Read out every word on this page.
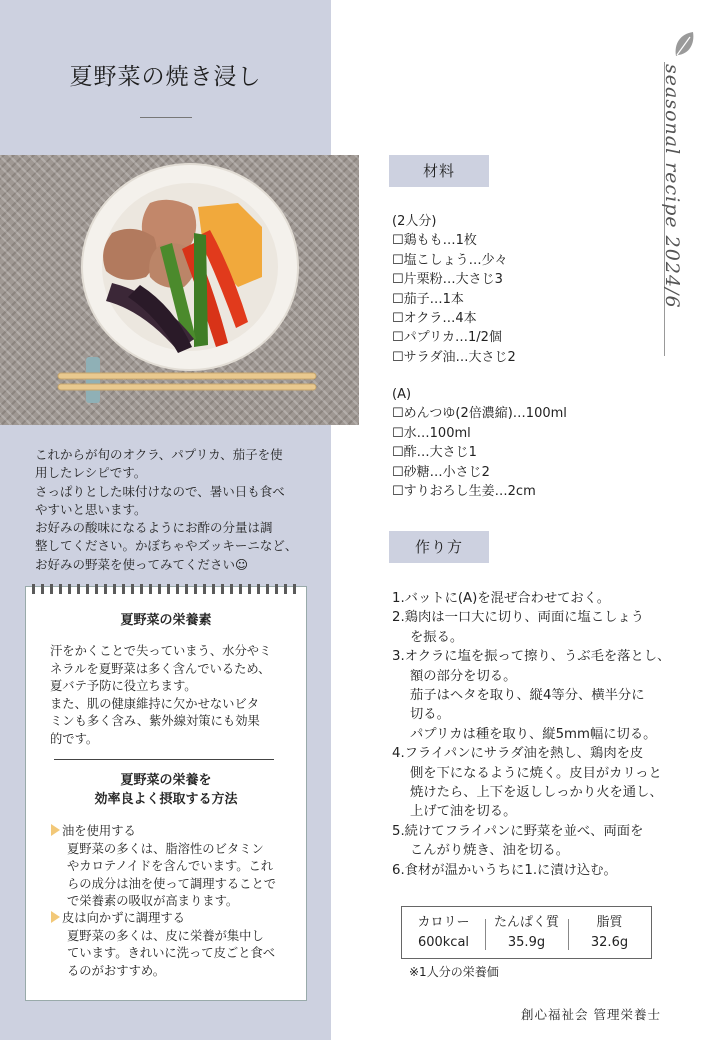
夏野菜の焼き浸し
これからが旬のオクラ、パプリカ、茄子を使
用したレシピです。
さっぱりとした味付けなので、暑い日も食べ
やすいと思います。
お好みの酸味になるようにお酢の分量は調
整してください。かぼちゃやズッキーニなど、
お好みの野菜を使ってみてください☺
夏野菜の栄養素
汗をかくことで失っていまう、水分やミ
ネラルを夏野菜は多く含んでいるため、
夏バテ予防に役立ちます。
また、肌の健康維持に欠かせないビタ
ミンも多く含み、紫外線対策にも効果
的です。
夏野菜の栄養を
効率良よく摂取する方法
油を使用する
夏野菜の多くは、脂溶性のビタミン
やカロテノイドを含んでいます。これ
らの成分は油を使って調理することで
で栄養素の吸収が高まります。
皮は向かずに調理する
夏野菜の多くは、皮に栄養が集中し
ています。きれいに洗って皮ごと食べ
るのがおすすめ。
材料
(2人分)
☐鶏もも…1枚
☐塩こしょう…少々
☐片栗粉…大さじ3
☐茄子…1本
☐オクラ…4本
☐パプリカ…1/2個
☐サラダ油…大さじ2
(A)
☐めんつゆ(2倍濃縮)…100ml
☐水…100ml
☐酢…大さじ1
☐砂糖…小さじ2
☐すりおろし生姜…2cm
作り方
1.バットに(A)を混ぜ合わせておく。
2.鶏肉は一口大に切り、両面に塩こしょう
を振る。
3.オクラに塩を振って擦り、うぶ毛を落とし、
額の部分を切る。
茄子はヘタを取り、縦4等分、横半分に
切る。
パプリカは種を取り、縦5mm幅に切る。
4.フライパンにサラダ油を熱し、鶏肉を皮
側を下になるように焼く。皮目がカリっと
焼けたら、上下を返ししっかり火を通し、
上げて油を切る。
5.続けてフライパンに野菜を並べ、両面を
こんがり焼き、油を切る。
6.食材が温かいうちに1.に漬け込む。
カロリー
600kcal
たんぱく質
35.9g
脂質
32.6g
※1人分の栄養価
創心福祉会 管理栄養士
seasonal recipe 2024/6
